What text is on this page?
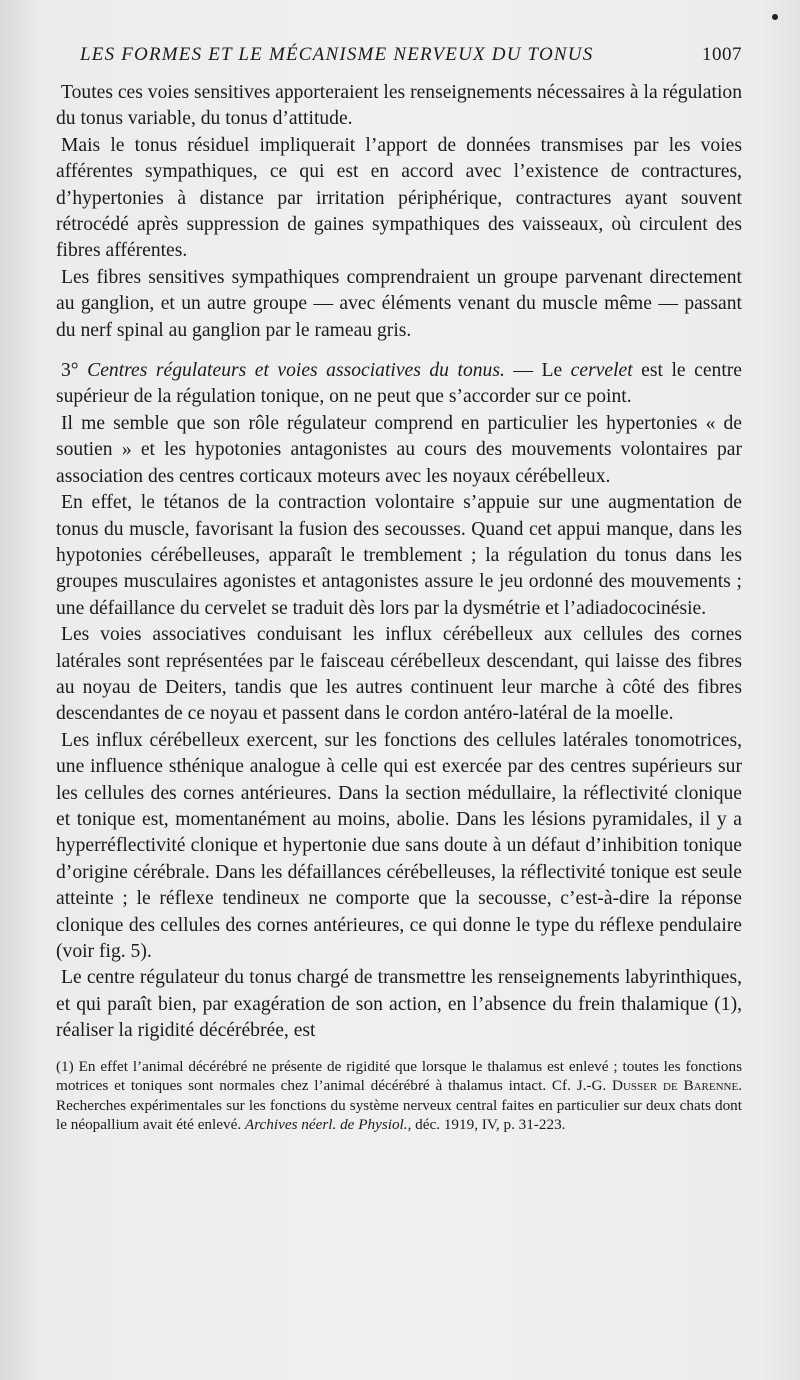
LES FORMES ET LE MÉCANISME NERVEUX DU TONUS	1007

Toutes ces voies sensitives apporteraient les renseignements nécessaires à la régulation du tonus variable, du tonus d’attitude.

Mais le tonus résiduel impliquerait l’apport de données transmises par les voies afférentes sympathiques, ce qui est en accord avec l’existence de contractures, d’hypertonies à distance par irritation périphérique, contractures ayant souvent rétrocédé après suppression de gaines sympathiques des vaisseaux, où circulent des fibres afférentes.

Les fibres sensitives sympathiques comprendraient un groupe parvenant directement au ganglion, et un autre groupe — avec éléments venant du muscle même — passant du nerf spinal au ganglion par le rameau gris.

3° Centres régulateurs et voies associatives du tonus. — Le cervelet est le centre supérieur de la régulation tonique, on ne peut que s’accorder sur ce point.

Il me semble que son rôle régulateur comprend en particulier les hypertonies « de soutien » et les hypotonies antagonistes au cours des mouvements volontaires par association des centres corticaux moteurs avec les noyaux cérébelleux.

En effet, le tétanos de la contraction volontaire s’appuie sur une augmentation de tonus du muscle, favorisant la fusion des secousses. Quand cet appui manque, dans les hypotonies cérébelleuses, apparaît le tremblement ; la régulation du tonus dans les groupes musculaires agonistes et antagonistes assure le jeu ordonné des mouvements ; une défaillance du cervelet se traduit dès lors par la dysmétrie et l’adiadococinésie.

Les voies associatives conduisant les influx cérébelleux aux cellules des cornes latérales sont représentées par le faisceau cérébelleux descendant, qui laisse des fibres au noyau de Deiters, tandis que les autres continuent leur marche à côté des fibres descendantes de ce noyau et passent dans le cordon antéro-latéral de la moelle.

Les influx cérébelleux exercent, sur les fonctions des cellules latérales tonomotrices, une influence sthénique analogue à celle qui est exercée par des centres supérieurs sur les cellules des cornes antérieures. Dans la section médullaire, la réflectivité clonique et tonique est, momentanément au moins, abolie. Dans les lésions pyramidales, il y a hyperréflectivité clonique et hypertonie due sans doute à un défaut d’inhibition tonique d’origine cérébrale. Dans les défaillances cérébelleuses, la réflectivité tonique est seule atteinte ; le réflexe tendineux ne comporte que la secousse, c’est-à-dire la réponse clonique des cellules des cornes antérieures, ce qui donne le type du réflexe pendulaire (voir fig. 5).

Le centre régulateur du tonus chargé de transmettre les renseignements labyrinthiques, et qui paraît bien, par exagération de son action, en l’absence du frein thalamique (1), réaliser la rigidité décérébrée, est

(1) En effet l’animal décérébré ne présente de rigidité que lorsque le thalamus est enlevé ; toutes les fonctions motrices et toniques sont normales chez l’animal décérébré à thalamus intact. Cf. J.-G. Dusser de Barenne. Recherches expérimentales sur les fonctions du système nerveux central faites en particulier sur deux chats dont le néopallium avait été enlevé. Archives néerl. de Physiol., déc. 1919, IV, p. 31-223.
